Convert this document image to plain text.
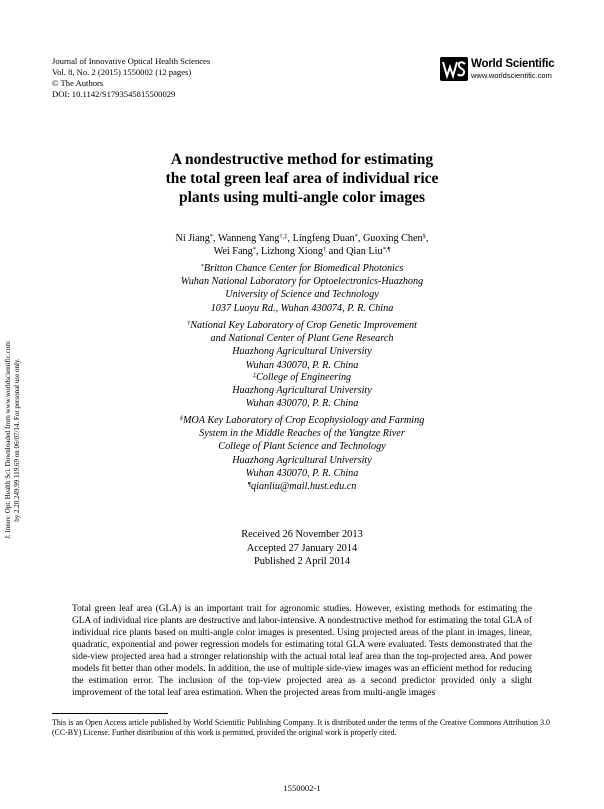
Journal of Innovative Optical Health Sciences
Vol. 8, No. 2 (2015) 1550002 (12 pages)
© The Authors
DOI: 10.1142/S1793545815500029
World Scientific
www.worldscientific.com
A nondestructive method for estimating
the total green leaf area of individual rice
plants using multi-angle color images
Ni Jiang*, Wanneng Yang†,‡, Lingfeng Duan*, Guoxing Chen§,
Wei Fang*, Lizhong Xiong† and Qian Liu*,¶
*Britton Chance Center for Biomedical Photonics
Wuhan National Laboratory for Optoelectronics-Huazhong
University of Science and Technology
1037 Luoyu Rd., Wuhan 430074, P. R. China
†National Key Laboratory of Crop Genetic Improvement
and National Center of Plant Gene Research
Huazhong Agricultural University
Wuhan 430070, P. R. China
‡College of Engineering
Huazhong Agricultural University
Wuhan 430070, P. R. China
§MOA Key Laboratory of Crop Ecophysiology and Farming
System in the Middle Reaches of the Yangtze River
College of Plant Science and Technology
Huazhong Agricultural University
Wuhan 430070, P. R. China
¶qianliu@mail.hust.edu.cn
Received 26 November 2013
Accepted 27 January 2014
Published 2 April 2014
Total green leaf area (GLA) is an important trait for agronomic studies. However, existing methods for estimating the GLA of individual rice plants are destructive and labor-intensive. A nondestructive method for estimating the total GLA of individual rice plants based on multi-angle color images is presented. Using projected areas of the plant in images, linear, quadratic, exponential and power regression models for estimating total GLA were evaluated. Tests demonstrated that the side-view projected area had a stronger relationship with the actual total leaf area than the top-projected area. And power models fit better than other models. In addition, the use of multiple side-view images was an efficient method for reducing the estimation error. The inclusion of the top-view projected area as a second predictor provided only a slight improvement of the total leaf area estimation. When the projected areas from multi-angle images
This is an Open Access article published by World Scientific Publishing Company. It is distributed under the terms of the Creative Commons Attribution 3.0 (CC-BY) License. Further distribution of this work is permitted, provided the original work is properly cited.
1550002-1
J. Innov. Opt. Health Sci. Downloaded from www.worldscientific.com by 2.20.249.99 119.69 on 06/07/14. For personal use only.
